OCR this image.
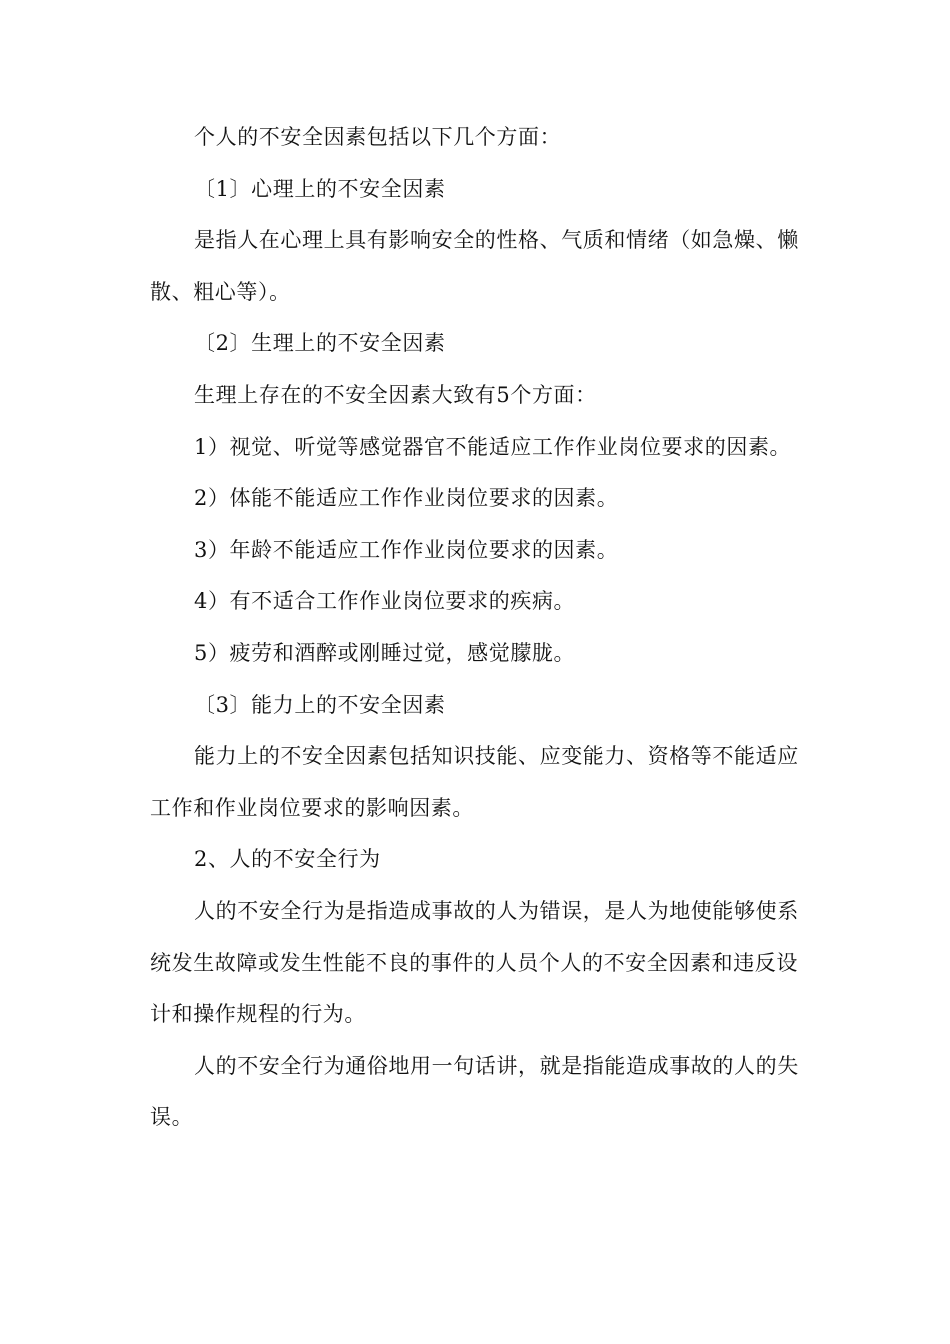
个人的不安全因素包括以下几个方面：

〔1〕心理上的不安全因素

是指人在心理上具有影响安全的性格、气质和情绪（如急燥、懒散、粗心等）。

〔2〕生理上的不安全因素

生理上存在的不安全因素大致有5个方面：

1）视觉、听觉等感觉器官不能适应工作作业岗位要求的因素。

2）体能不能适应工作作业岗位要求的因素。

3）年龄不能适应工作作业岗位要求的因素。

4）有不适合工作作业岗位要求的疾病。

5）疲劳和酒醉或刚睡过觉，感觉朦胧。

〔3〕能力上的不安全因素

能力上的不安全因素包括知识技能、应变能力、资格等不能适应工作和作业岗位要求的影响因素。

2、人的不安全行为

人的不安全行为是指造成事故的人为错误，是人为地使能够使系统发生故障或发生性能不良的事件的人员个人的不安全因素和违反设计和操作规程的行为。

人的不安全行为通俗地用一句话讲，就是指能造成事故的人的失误。
